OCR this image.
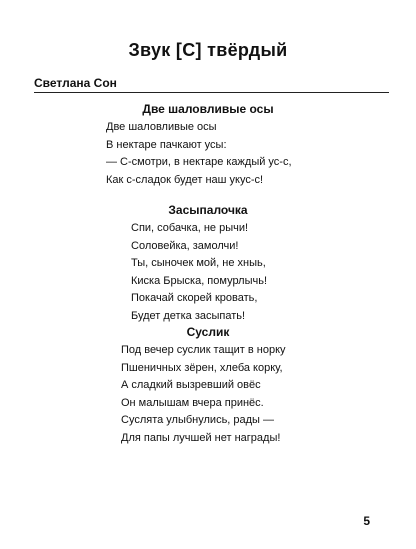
Звук [С] твёрдый
Светлана Сон
Две шаловливые осы
Две шаловливые осы
В нектаре пачкают усы:
— С-смотри, в нектаре каждый ус-с,
Как с-сладок будет наш укус-с!
Засыпалочка
Спи, собачка, не рычи!
Соловейка, замолчи!
Ты, сыночек мой, не хныь,
Киска Брыска, помурлычь!
Покачай скорей кровать,
Будет детка засыпать!
Суслик
Под вечер суслик тащит в норку
Пшеничных зёрен, хлеба корку,
А сладкий вызревший овёс
Он малышам вчера принёс.
Суслята улыбнулись, рады —
Для папы лучшей нет награды!
5
